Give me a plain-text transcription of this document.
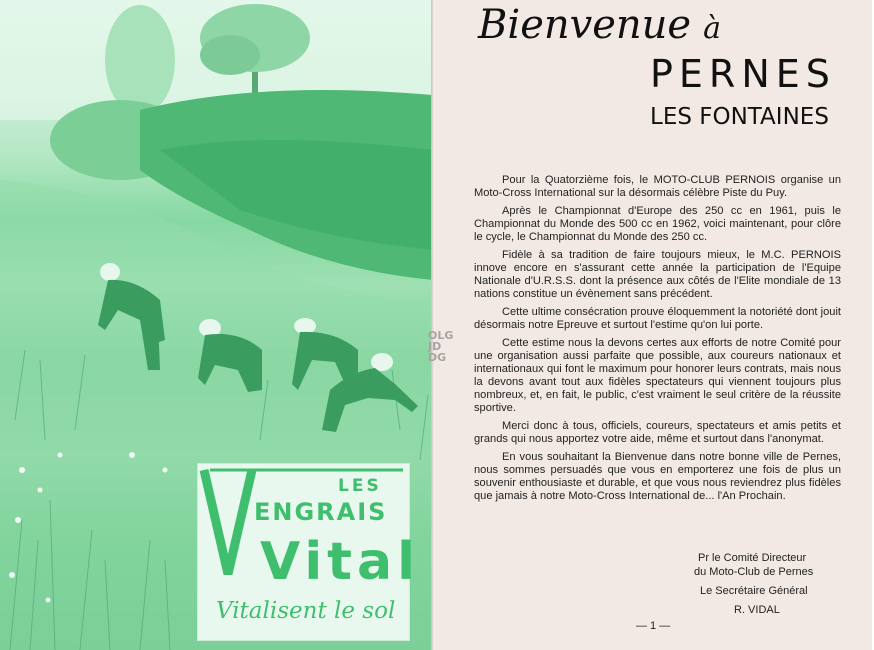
LES
ENGRAIS
Vital
Vitalisent le sol
Bienvenue à
PERNES
LES FONTAINES
OLG
JD
DG

Pour la Quatorzième fois, le MOTO-CLUB PERNOIS organise un Moto-Cross International sur la désormais célèbre Piste du Puy.

Après le Championnat d'Europe des 250 cc en 1961, puis le Championnat du Monde des 500 cc en 1962, voici maintenant, pour clôre le cycle, le Championnat du Monde des 250 cc.

Fidèle à sa tradition de faire toujours mieux, le M.C. PERNOIS innove encore en s'assurant cette année la participation de l'Equipe Nationale d'U.R.S.S. dont la présence aux côtés de l'Elite mondiale de 13 nations constitue un évènement sans précédent.

Cette ultime consécration prouve éloquemment la notoriété dont jouit désormais notre Epreuve et surtout l'estime qu'on lui porte.

Cette estime nous la devons certes aux efforts de notre Comité pour une organisation aussi parfaite que possible, aux coureurs nationaux et internationaux qui font le maximum pour honorer leurs contrats, mais nous la devons avant tout aux fidèles spectateurs qui viennent toujours plus nombreux, et, en fait, le public, c'est vraiment le seul critère de la réussite sportive.

Merci donc à tous, officiels, coureurs, spectateurs et amis petits et grands qui nous apportez votre aide, même et surtout dans l'anonymat.

En vous souhaitant la Bienvenue dans notre bonne ville de Pernes, nous sommes persuadés que vous en emporterez une fois de plus un souvenir enthousiaste et durable, et que vous nous reviendrez plus fidèles que jamais à notre Moto-Cross International de... l'An Prochain.

Pr le Comité Directeur
du Moto-Club de Pernes
Le Secrétaire Général
R. VIDAL
— 1 —
